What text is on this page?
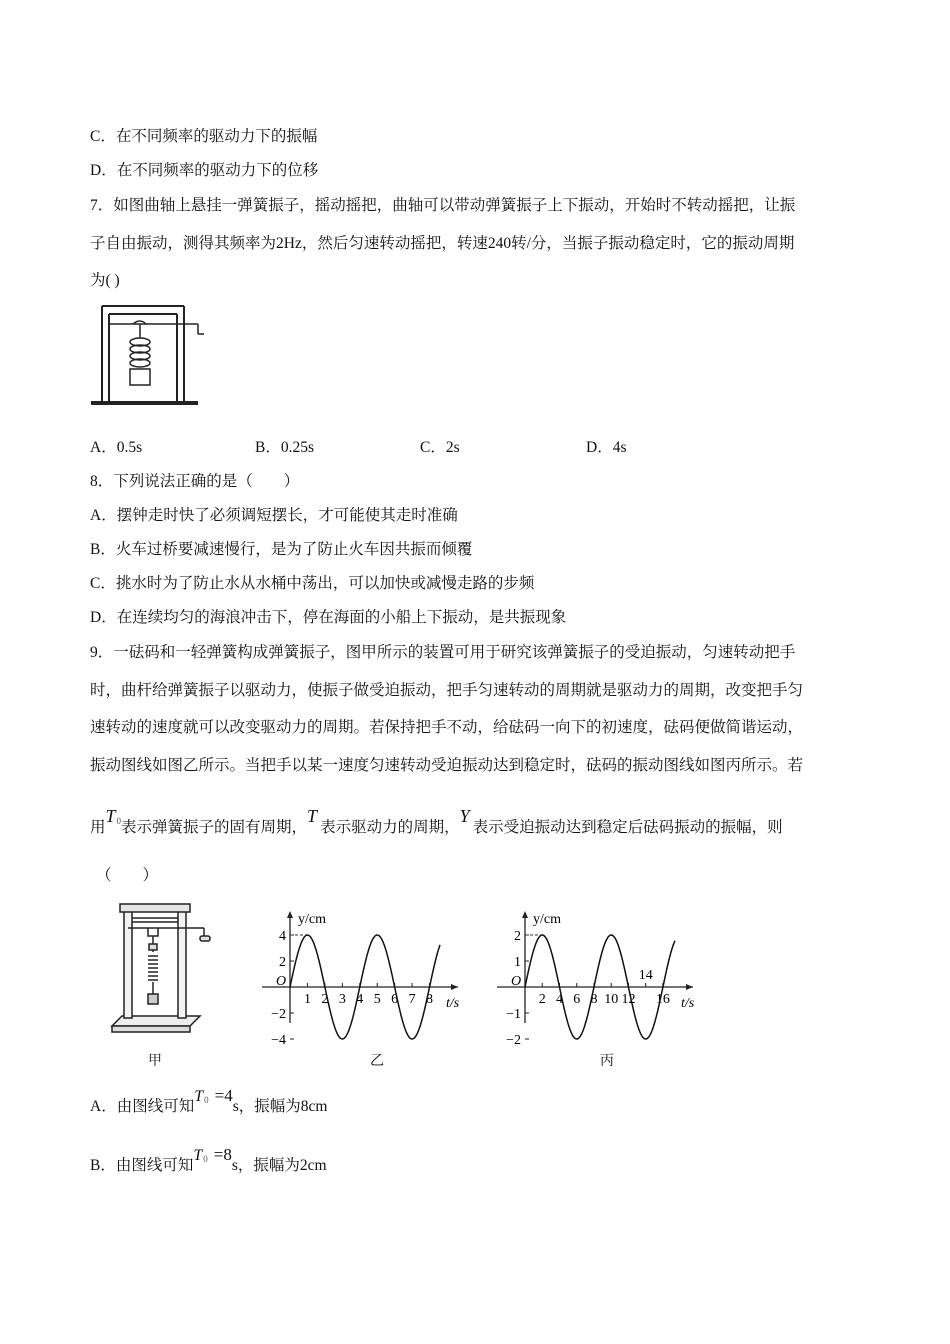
C．在不同频率的驱动力下的振幅
D．在不同频率的驱动力下的位移
7．如图曲轴上悬挂一弹簧振子，摇动摇把，曲轴可以带动弹簧振子上下振动，开始时不转动摇把，让振
子自由振动，测得其频率为2Hz，然后匀速转动摇把，转速240转/分，当振子振动稳定时，它的振动周期
为( )
A．0.5s	B．0.25s	C．2s	D．4s
8．下列说法正确的是（　　）
A．摆钟走时快了必须调短摆长，才可能使其走时准确
B．火车过桥要减速慢行，是为了防止火车因共振而倾覆
C．挑水时为了防止水从水桶中荡出，可以加快或减慢走路的步频
D．在连续均匀的海浪冲击下，停在海面的小船上下振动，是共振现象
9．一砝码和一轻弹簧构成弹簧振子，图甲所示的装置可用于研究该弹簧振子的受迫振动，匀速转动把手
时，曲杆给弹簧振子以驱动力，使振子做受迫振动，把手匀速转动的周期就是驱动力的周期，改变把手匀
速转动的速度就可以改变驱动力的周期。若保持把手不动，给砝码一向下的初速度，砝码便做简谐运动，
振动图线如图乙所示。当把手以某一速度匀速转动受迫振动达到稳定时，砝码的振动图线如图丙所示。若
用$T_0$表示弹簧振子的固有周期，T表示驱动力的周期，Y表示受迫振动达到稳定后砝码振动的振幅，则
（　　）
甲
y/cm
t/s
O
4
2
−2
−4
1 2 3 4 5 6 7 8
乙
y/cm
t/s
O
2
1
−1
−2
2 4 6 8 10 12
14
16
丙
A．由图线可知$T_0 =4s$，振幅为8cm
B．由图线可知$T_0 =8s$，振幅为2cm
